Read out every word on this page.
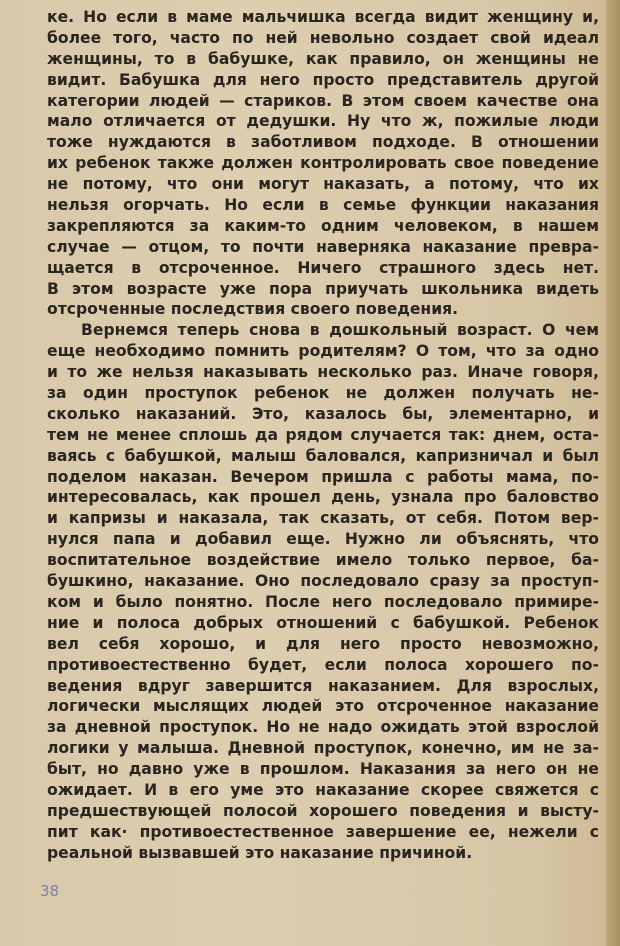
ке. Но если в маме мальчишка всегда видит женщину и,
более того, часто по ней невольно создает свой идеал
женщины, то в бабушке, как правило, он женщины не
видит. Бабушка для него просто представитель другой
категории людей — стариков. В этом своем качестве она
мало отличается от дедушки. Ну что ж, пожилые люди
тоже нуждаются в заботливом подходе. В отношении
их ребенок также должен контролировать свое поведение
не потому, что они могут наказать, а потому, что их
нельзя огорчать. Но если в семье функции наказания
закрепляются за каким-то одним человеком, в нашем
случае — отцом, то почти наверняка наказание превра-
щается в отсроченное. Ничего страшного здесь нет.
В этом возрасте уже пора приучать школьника видеть
отсроченные последствия своего поведения.
Вернемся теперь снова в дошкольный возраст. О чем
еще необходимо помнить родителям? О том, что за одно
и то же нельзя наказывать несколько раз. Иначе говоря,
за один проступок ребенок не должен получать не-
сколько наказаний. Это, казалось бы, элементарно, и
тем не менее сплошь да рядом случается так: днем, оста-
ваясь с бабушкой, малыш баловался, капризничал и был
поделом наказан. Вечером пришла с работы мама, по-
интересовалась, как прошел день, узнала про баловство
и капризы и наказала, так сказать, от себя. Потом вер-
нулся папа и добавил еще. Нужно ли объяснять, что
воспитательное воздействие имело только первое, ба-
бушкино, наказание. Оно последовало сразу за проступ-
ком и было понятно. После него последовало примире-
ние и полоса добрых отношений с бабушкой. Ребенок
вел себя хорошо, и для него просто невозможно,
противоестественно будет, если полоса хорошего по-
ведения вдруг завершится наказанием. Для взрослых,
логически мыслящих людей это отсроченное наказание
за дневной проступок. Но не надо ожидать этой взрослой
логики у малыша. Дневной проступок, конечно, им не за-
быт, но давно уже в прошлом. Наказания за него он не
ожидает. И в его уме это наказание скорее свяжется с
предшествующей полосой хорошего поведения и высту-
пит как· противоестественное завершение ее, нежели с
реальной вызвавшей это наказание причиной.
38
